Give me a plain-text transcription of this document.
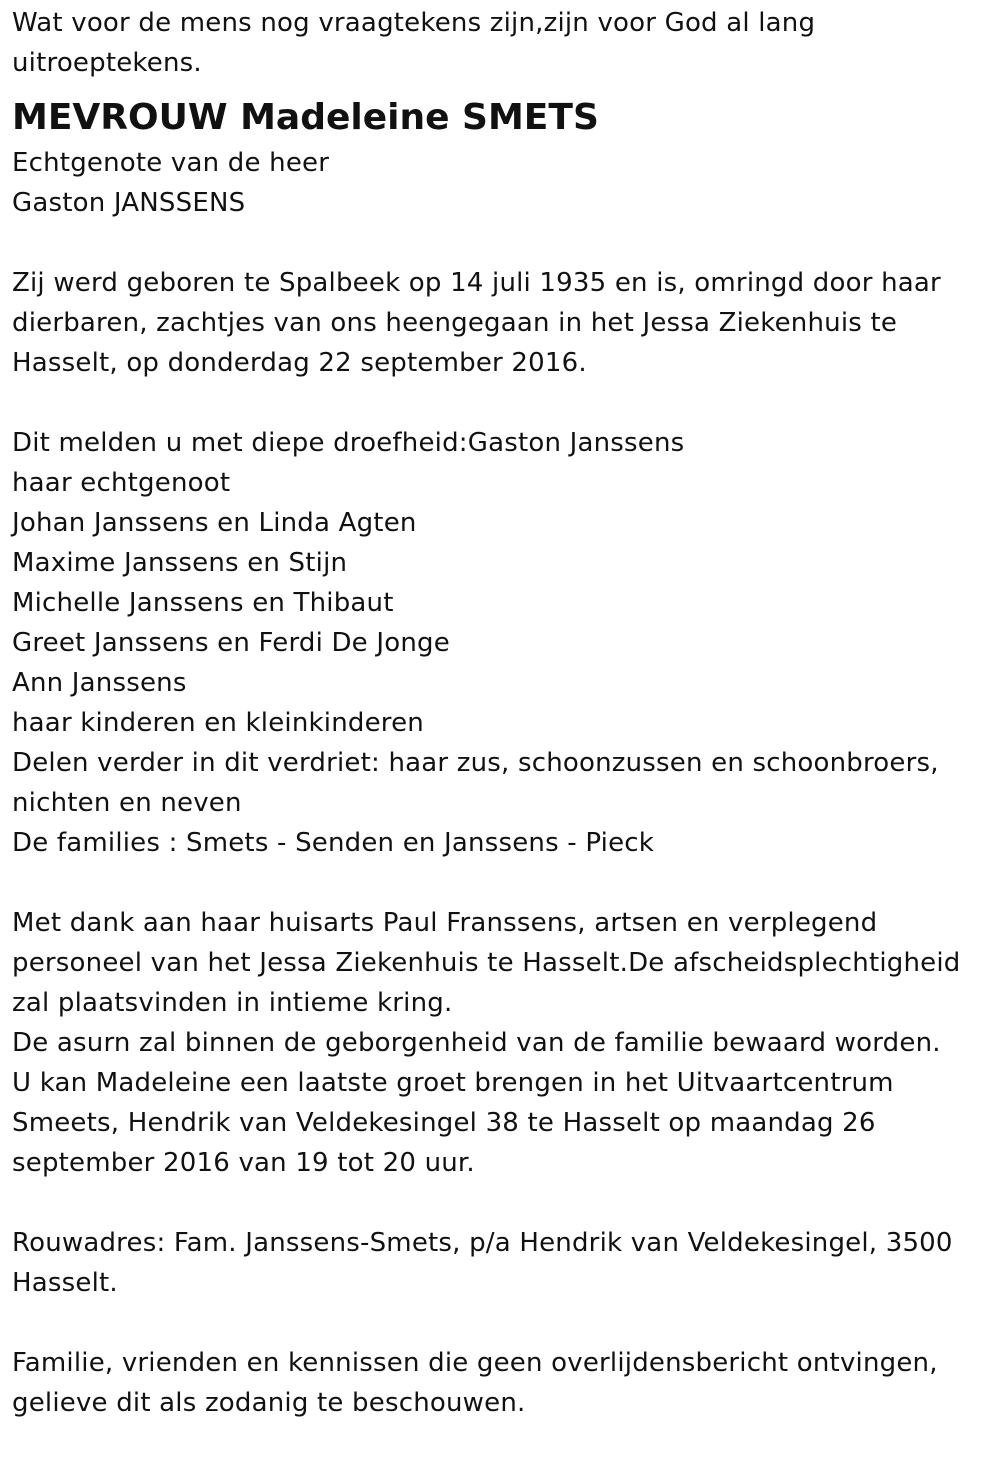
Wat voor de mens nog vraagtekens zijn,zijn voor God al lang
uitroeptekens.
MEVROUW Madeleine SMETS
Echtgenote van de heer
Gaston JANSSENS
Zij werd geboren te Spalbeek op 14 juli 1935 en is, omringd door haar
dierbaren, zachtjes van ons heengegaan in het Jessa Ziekenhuis te
Hasselt, op donderdag 22 september 2016.
Dit melden u met diepe droefheid:Gaston Janssens
haar echtgenoot
Johan Janssens en Linda Agten
Maxime Janssens en Stijn
Michelle Janssens en Thibaut
Greet Janssens en Ferdi De Jonge
Ann Janssens
haar kinderen en kleinkinderen
Delen verder in dit verdriet: haar zus, schoonzussen en schoonbroers,
nichten en neven
De families : Smets - Senden en Janssens - Pieck
Met dank aan haar huisarts Paul Franssens, artsen en verplegend
personeel van het Jessa Ziekenhuis te Hasselt.De afscheidsplechtigheid
zal plaatsvinden in intieme kring.
De asurn zal binnen de geborgenheid van de familie bewaard worden.
U kan Madeleine een laatste groet brengen in het Uitvaartcentrum
Smeets, Hendrik van Veldekesingel 38 te Hasselt op maandag 26
september 2016 van 19 tot 20 uur.
Rouwadres: Fam. Janssens-Smets, p/a Hendrik van Veldekesingel, 3500
Hasselt.
Familie, vrienden en kennissen die geen overlijdensbericht ontvingen,
gelieve dit als zodanig te beschouwen.
